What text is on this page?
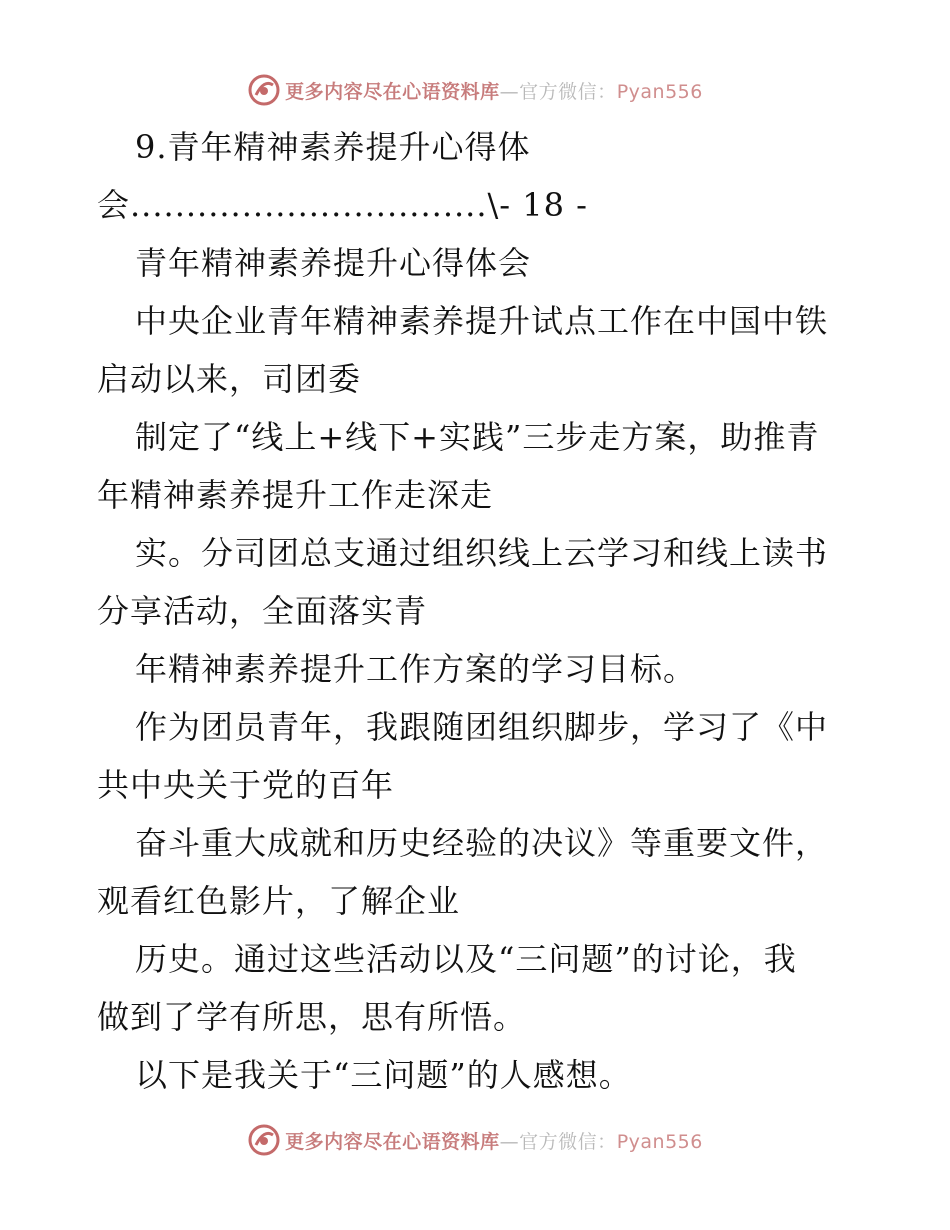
更多内容尽在心语资料库—官方微信：Pyan556
9.青年精神素养提升心得体
会................................\- 18 -
青年精神素养提升心得体会
中央企业青年精神素养提升试点工作在中国中铁
启动以来，司团委
制定了“线上+线下+实践”三步走方案，助推青
年精神素养提升工作走深走
实。分司团总支通过组织线上云学习和线上读书
分享活动，全面落实青
年精神素养提升工作方案的学习目标。
作为团员青年，我跟随团组织脚步，学习了《中
共中央关于党的百年
奋斗重大成就和历史经验的决议》等重要文件，
观看红色影片，了解企业
历史。通过这些活动以及“三问题”的讨论，我
做到了学有所思，思有所悟。
以下是我关于“三问题”的人感想。
更多内容尽在心语资料库—官方微信：Pyan556
